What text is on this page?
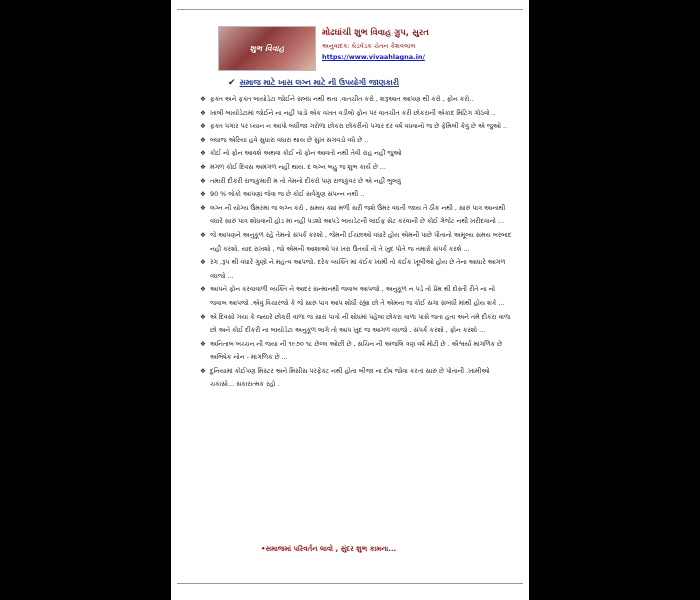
શુભ વિવાહ
મોઢઘાંચી શુભ વિવાહ ગ્રુપ, સુરત
અનુવાદક: ઘેડવૅડક ચેતન કેશવલાલ
https://www.vivaahlagna.in/
✔ સમાજ માટે ખાસ લગ્ન માટે ની ઉપયોગી જાણકારી
❖ ફક્ત અને ફક્ત બાયોડેટા જોઈને સંબંધ નથી થતા .વાતચીત કરો , શરૂઆત આપણ થી કરો , ફોન કરો..
❖ ખાલી બાયોડેટામાં જોઈને ના નહીં પાડો એક વખત વડીલો ફોન પર વાતચીત કરી છોકરાની એકાદ મિટિંગ ગોઠવો ..
❖ ફક્ત પગાર પર ધ્યાન ન આપો બધીજા ગરોળા છોકરા છોકરીનો પગાર દર વર્ષ વધવાનો જ છે ફેમિલી કેવું છે એ જુઓ ..
❖ બધાજ એરિયા હવે સુધારા વધારા થાય છે સુખ સગવડો વધે છે ..
❖ કોઈ નો ફોન આવશે અથવા કોઈ નો ફોન આવતો નથી તેવી રાહ નહીં જુઓ
❖ મંગળ કોઈ દિવસ અમંગળ નહીં થાય. દ લગ્ન બહુ જ શુભ કાર્ય છે ...
❖ તમારી દીકરી રાજકુમારી મ તો તેમનો દીકરો પણ રાજકુંવર છે એ નહીં ભુલવું
❖ 90 % લોકો આપણાં જેવા જ છે કોઈ સર્વગુણ સંપન્ન નથી ..
❖ લગ્ન ની યોગ્ય ઉંમરમાં જ લગ્ન કરો , સમય ક્યાં મળી સરી જશે ઉંમર વધતી જાય તે ઠીક નથી , સારું પાત્ર આનાથી વધારે સારું પાત્ર શોધવાની હોડ માં નહીં પડશો આપડે બાયડેટની લાઈફ સેટ કરવાની છે કોઈ ગેજેટ નથી ખરીદવાનો ...
❖ જે આપણને અનુકૂળ રહે તેમનો સંપર્ક કરશો , જેમની ઈચ્છાઓ વધારે હોય એમની પાછે પૌતાનો અમૂલ્ય સમય બરબાદ નહીં કરશો. યાદ રાખશો , જો એમની આશાઓ પર ખરા ઉતર્યા તો તે ખુદ પોતે જ તમારો સંપર્ક કરશે ...
❖ રંગ ,રૂપ થી વધારે ગુણો ને મહત્વ આપજો. દરેક વ્યક્તિ માં કંઈક ખામી તો કંઈક ખૂબીઓ હોય છે તેના આધારે આગળ વધજો ...
❖ આપને ફોન કરવાવાળી વ્યક્તિ ને આદર સન્માનથી જવાબ આપજો , અનુકૂળ ન પડે તો પ્રેમ થી દોસ્તી રીતે ના નો જવાબ આપજો .એવું વિચારજો કે જે સારું પાત્ર આપ શોધી રહ્યા છો તે એમના જ કોઈ સગા સંબંધી માંથી હોય શકે ...
❖ એ દિવસો ગયા કે જ્યારે છોકરી વાળા જ સારા પાત્રો ની શોધમાં પહેલા છોકરા વાળા પાસે જતા હતા અને તમે દીકરા વાળા છો અને કોઈ દીકરી ના બાયોડેટા અનુકૂળ લાગે તો આપ ખુદ જ આગળ વધજો . સંપર્ક કરશો , ફોન કરશો ...
❖ અનિતાબ બચ્ચન ની જયા ની ૧૯૭૦ ૧૮ છેલ્લ ઓછી છે , સચિન ની અંજલિ ત્રણ વર્ષ મોટી છે . ઐશ્વર્યા માંગળિક છે અભિષેક નોન - માંગળિક છે ...
❖ દુનિયામાં કોઈપણ મિસ્ટર અને મિસીસ પરફેક્ટ નથી હોતા બીજા ના દોષ જોવા કરતાં સારું છે પોતાની .ખામીઓ ચકાસો... સકારાત્મક રહો .
•સમાજમાં પરિવર્તન લાવો , સુંદર શુભ કામના...
